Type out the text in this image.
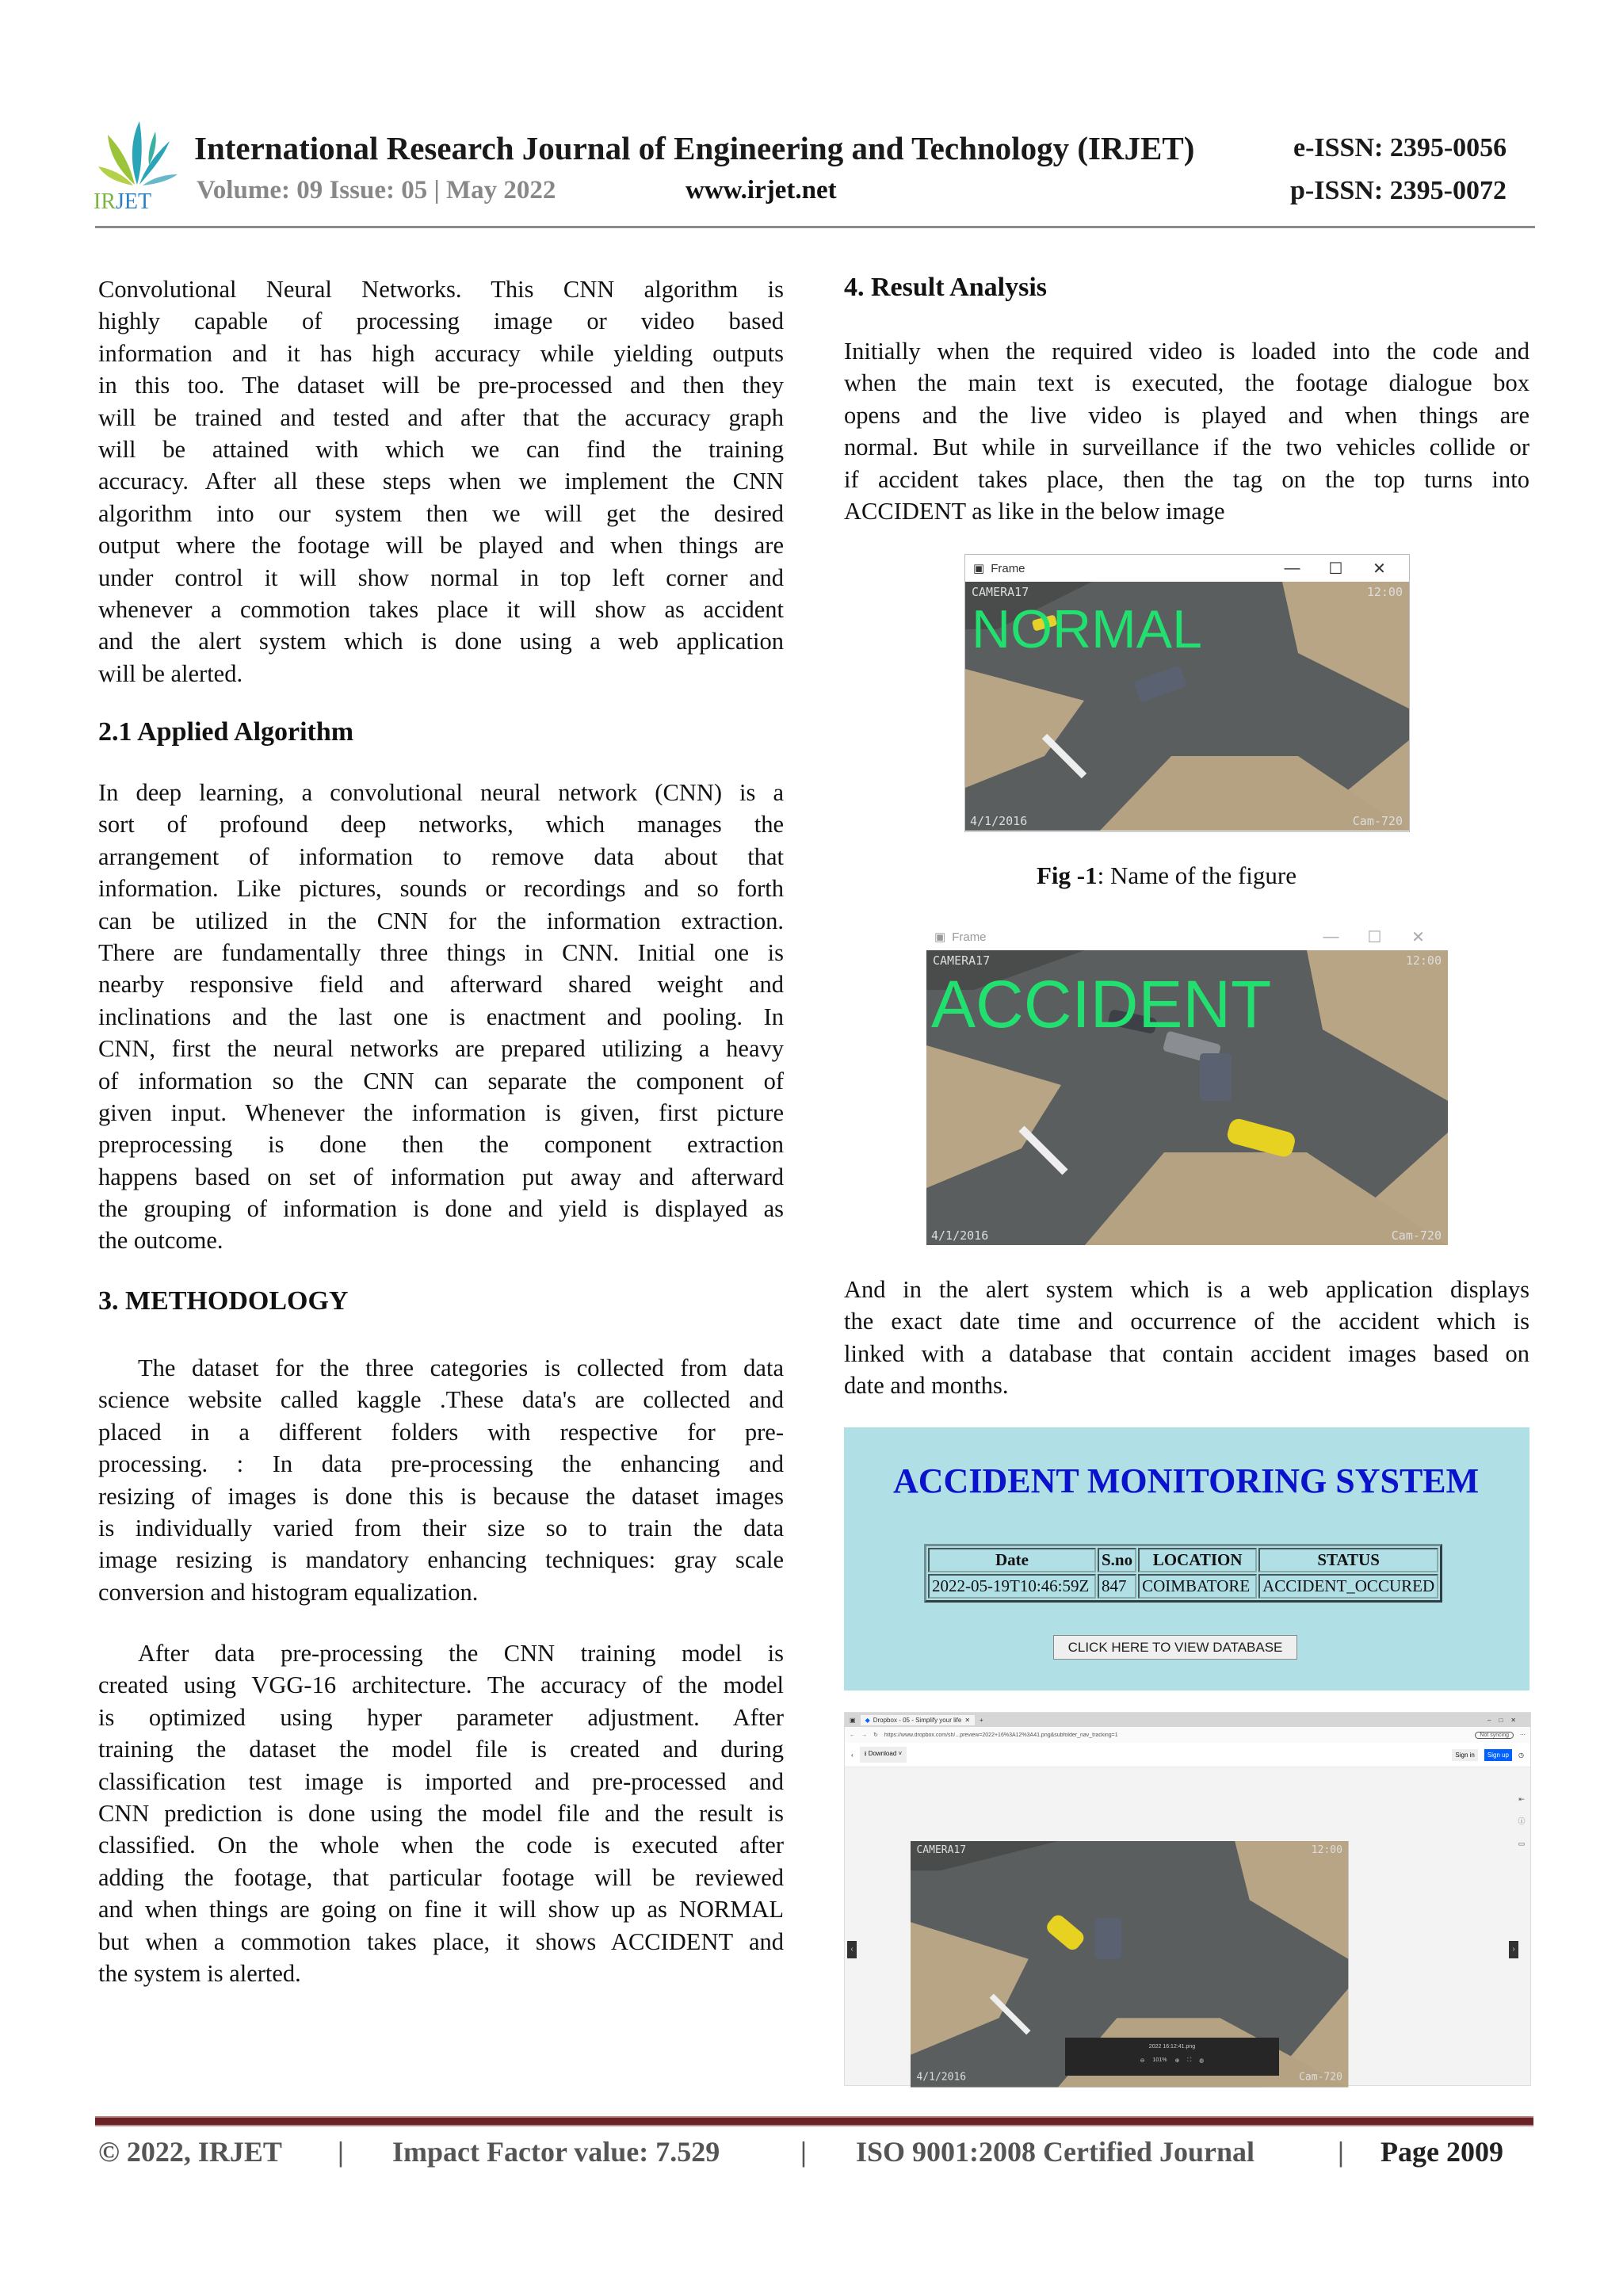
IRJET
International Research Journal of Engineering and Technology (IRJET)	e-ISSN: 2395-0056
Volume: 09 Issue: 05 | May 2022	www.irjet.net	p-ISSN: 2395-0072
Convolutional Neural Networks. This CNN algorithm is
highly capable of processing image or video based
information and it has high accuracy while yielding outputs
in this too. The dataset will be pre-processed and then they
will be trained and tested and after that the accuracy graph
will be attained with which we can find the training
accuracy. After all these steps when we implement the CNN
algorithm into our system then we will get the desired
output where the footage will be played and when things are
under control it will show normal in top left corner and
whenever a commotion takes place it will show as accident
and the alert system which is done using a web application
will be alerted.
2.1 Applied Algorithm
In deep learning, a convolutional neural network (CNN) is a
sort of profound deep networks, which manages the
arrangement of information to remove data about that
information. Like pictures, sounds or recordings and so forth
can be utilized in the CNN for the information extraction.
There are fundamentally three things in CNN. Initial one is
nearby responsive field and afterward shared weight and
inclinations and the last one is enactment and pooling. In
CNN, first the neural networks are prepared utilizing a heavy
of information so the CNN can separate the component of
given input. Whenever the information is given, first picture
preprocessing is done then the component extraction
happens based on set of information put away and afterward
the grouping of information is done and yield is displayed as
the outcome.
3. METHODOLOGY
The dataset for the three categories is collected from data
science website called kaggle .These data's are collected and
placed in a different folders with respective for pre-
processing. : In data pre-processing the enhancing and
resizing of images is done this is because the dataset images
is individually varied from their size so to train the data
image resizing is mandatory enhancing techniques: gray scale
conversion and histogram equalization.
After data pre-processing the CNN training model is
created using VGG-16 architecture. The accuracy of the model
is optimized using hyper parameter adjustment. After
training the dataset the model file is created and during
classification test image is imported and pre-processed and
CNN prediction is done using the model file and the result is
classified. On the whole when the code is executed after
adding the footage, that particular footage will be reviewed
and when things are going on fine it will show up as NORMAL
but when a commotion takes place, it shows ACCIDENT and
the system is alerted.
4. Result Analysis
Initially when the required video is loaded into the code and
when the main text is executed, the footage dialogue box
opens and the live video is played and when things are
normal. But while in surveillance if the two vehicles collide or
if accident takes place, then the tag on the top turns into
ACCIDENT as like in the below image
▣ Frame	—	☐	✕
CAMERA17	12:00
NORMAL
4/1/2016	Cam-720
Fig -1: Name of the figure
▣ Frame	—	☐	✕
CAMERA17	12:00
ACCIDENT
4/1/2016	Cam-720
And in the alert system which is a web application displays
the exact date time and occurrence of the accident which is
linked with a database that contain accident images based on
date and months.
ACCIDENT MONITORING SYSTEM
Date	S.no	LOCATION	STATUS
2022-05-19T10:46:59Z	847	COIMBATORE	ACCIDENT_OCCURED
CLICK HERE TO VIEW DATABASE
▣ ◆ Dropbox - 05 - Simplify your life ✕ +	–□✕
← → ↻ https://www.dropbox.com/sh/...preview=2022+16%3A12%3A41.png&subfolder_nav_tracking=1	Not syncing	⋯
‹	⭳ Download ˅	Sign in	Sign up	◷
CAMERA17	12:00
4/1/2016	Cam-720
‹	›
⇤
ⓘ
▭
2022 16:12:41.png
⊖ 101% ⊕ ⛶ ◍
© 2022, IRJET | Impact Factor value: 7.529	| ISO 9001:2008 Certified Journal	| Page 2009
